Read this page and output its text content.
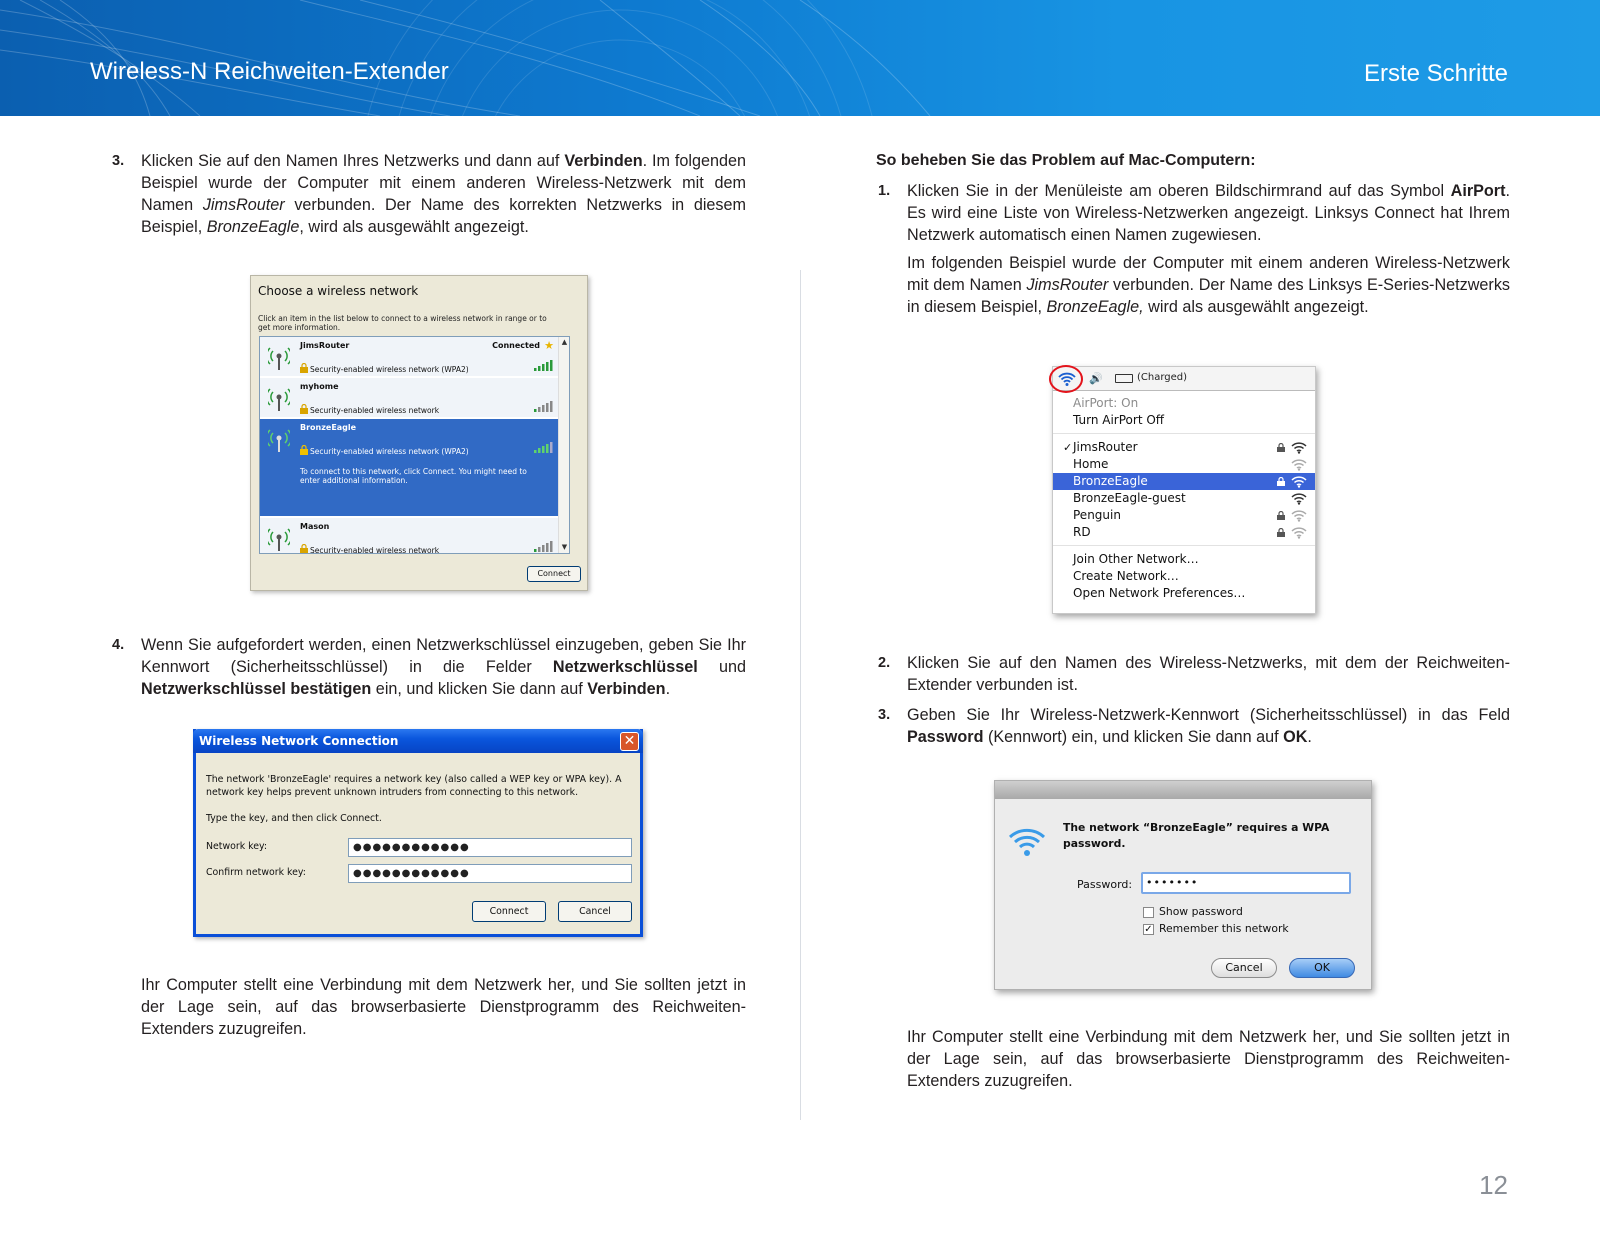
Wireless-N Reichweiten-Extender	Erste Schritte
3. Klicken Sie auf den Namen Ihres Netzwerks und dann auf Verbinden. Im folgenden Beispiel wurde der Computer mit einem anderen Wireless-Netzwerk mit dem Namen JimsRouter verbunden. Der Name des korrekten Netzwerks in diesem Beispiel, BronzeEagle, wird als ausgewählt angezeigt.
4. Wenn Sie aufgefordert werden, einen Netzwerkschlüssel einzugeben, geben Sie Ihr Kennwort (Sicherheitsschlüssel) in die Felder Netzwerkschlüssel und Netzwerkschlüssel bestätigen ein, und klicken Sie dann auf Verbinden.
Ihr Computer stellt eine Verbindung mit dem Netzwerk her, und Sie sollten jetzt in der Lage sein, auf das browserbasierte Dienstprogramm des Reichweiten-Extenders zuzugreifen.
Choose a wireless network
Click an item in the list below to connect to a wireless network in range or to get more information.
JimsRouter	Connected ★
Security-enabled wireless network (WPA2)
myhome
Security-enabled wireless network
BronzeEagle
Security-enabled wireless network (WPA2)
To connect to this network, click Connect. You might need to enter additional information.
Mason
Security-enabled wireless network
▲
▼
Connect
Wireless Network Connection	✕
The network 'BronzeEagle' requires a network key (also called a WEP key or WPA key). A network key helps prevent unknown intruders from connecting to this network.
Type the key, and then click Connect.
Network key:	●●●●●●●●●●●●
Confirm network key:	●●●●●●●●●●●●
Connect	Cancel
So beheben Sie das Problem auf Mac-Computern:
1. Klicken Sie in der Menüleiste am oberen Bildschirmrand auf das Symbol AirPort. Es wird eine Liste von Wireless-Netzwerken angezeigt. Linksys Connect hat Ihrem Netzwerk automatisch einen Namen zugewiesen.
Im folgenden Beispiel wurde der Computer mit einem anderen Wireless-Netzwerk mit dem Namen JimsRouter verbunden. Der Name des Linksys E-Series-Netzwerks in diesem Beispiel, BronzeEagle, wird als ausgewählt angezeigt.
2. Klicken Sie auf den Namen des Wireless-Netzwerks, mit dem der Reichweiten-Extender verbunden ist.
3. Geben Sie Ihr Wireless-Netzwerk-Kennwort (Sicherheitsschlüssel) in das Feld Password (Kennwort) ein, und klicken Sie dann auf OK.
Ihr Computer stellt eine Verbindung mit dem Netzwerk her, und Sie sollten jetzt in der Lage sein, auf das browserbasierte Dienstprogramm des Reichweiten-Extenders zuzugreifen.
🔊	(Charged)
AirPort: On
Turn AirPort Off
✓ JimsRouter
Home
BronzeEagle
BronzeEagle-guest
Penguin
RD
Join Other Network…
Create Network…
Open Network Preferences…
The network “BronzeEagle” requires a WPA password.
Password:	•••••••
Show password
✓ Remember this network
Cancel	OK
12
